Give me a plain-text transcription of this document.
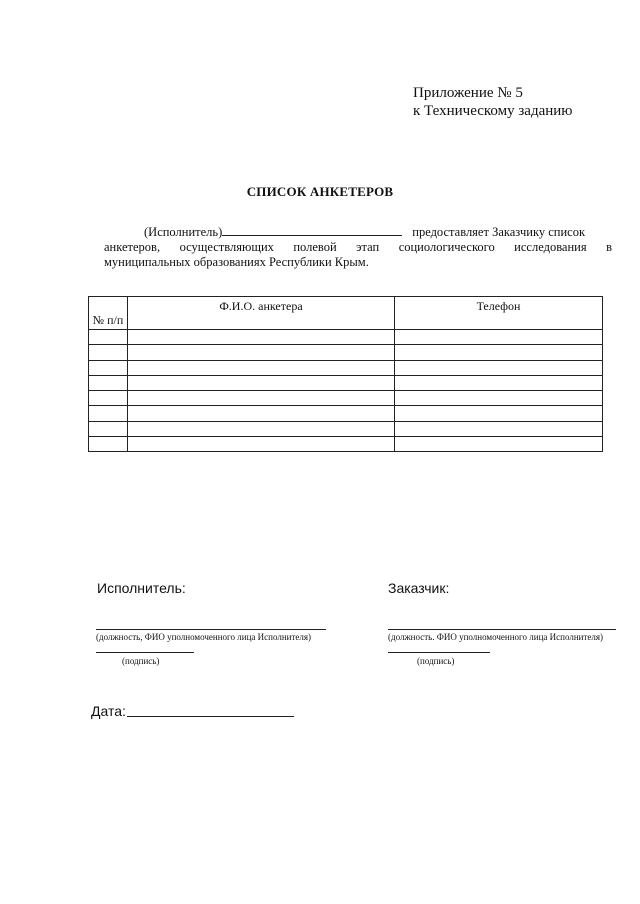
Приложение № 5
к Техническому заданию
СПИСОК АНКЕТЕРОВ
(Исполнитель)	предоставляет Заказчику список
анкетеров, осуществляющих полевой этап социологического исследования в
муниципальных образованиях Республики Крым.
№ п/п	Ф.И.О. анкетера	Телефон

Исполнитель:
(должность, ФИО уполномоченного лица Исполнителя)
(подпись)
Заказчик:
(должность. ФИО уполномоченного лица Исполнителя)
(подпись)
Дата:
